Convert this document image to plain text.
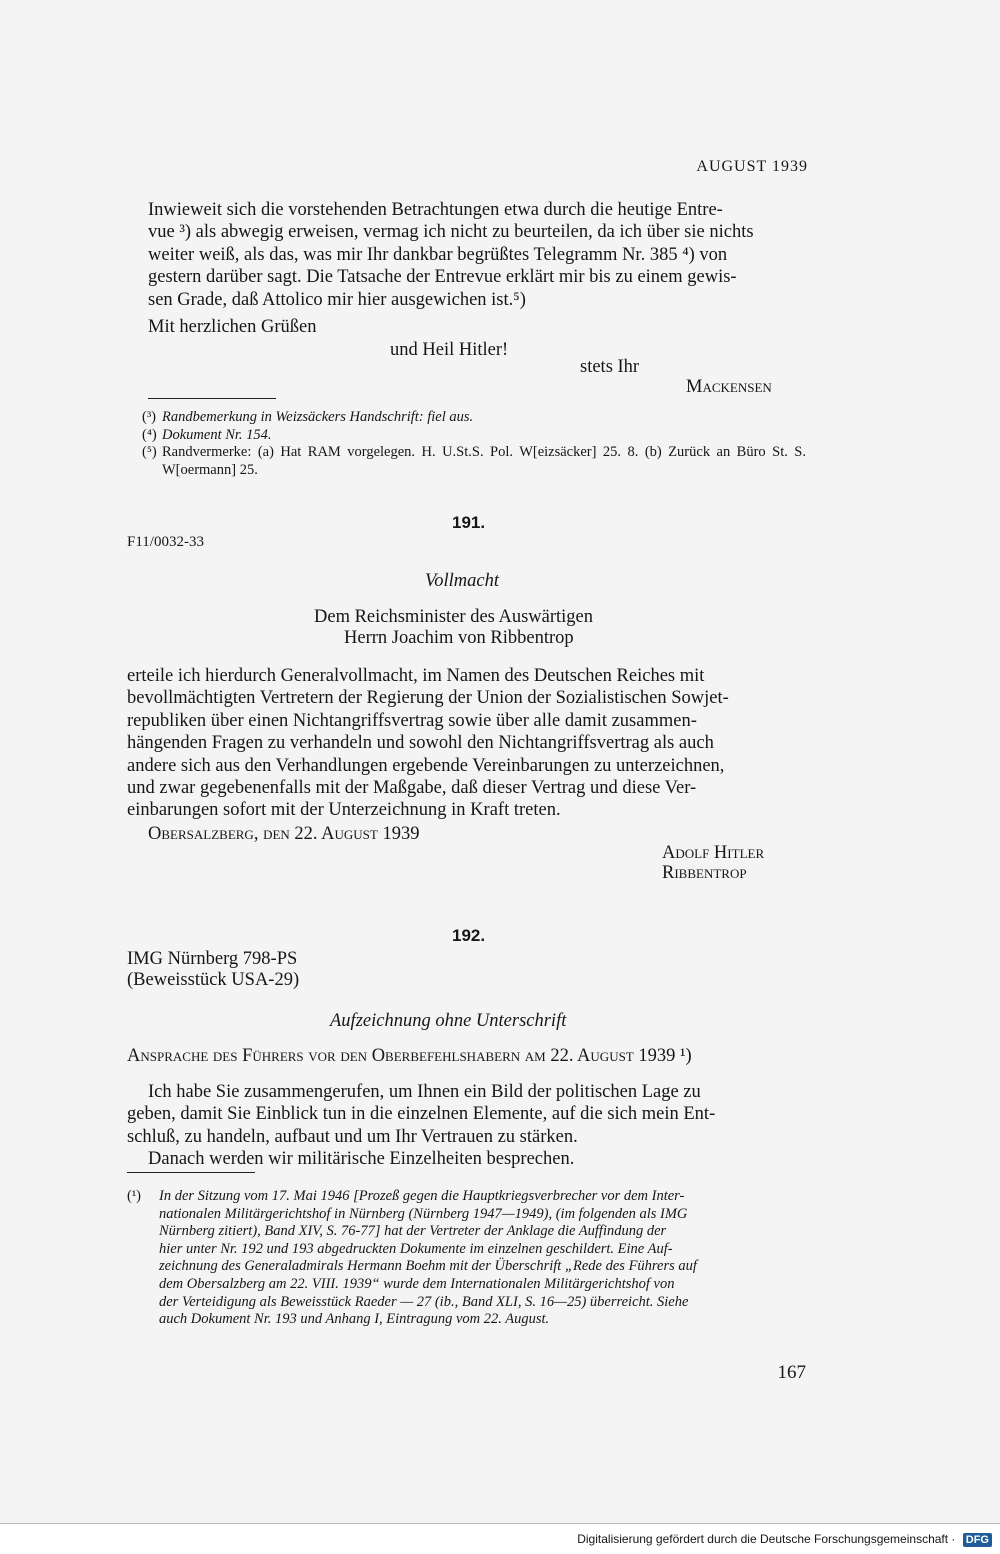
AUGUST 1939
Inwieweit sich die vorstehenden Betrachtungen etwa durch die heutige Entre-
vue ³) als abwegig erweisen, vermag ich nicht zu beurteilen, da ich über sie nichts
weiter weiß, als das, was mir Ihr dankbar begrüßtes Telegramm Nr. 385 ⁴) von
gestern darüber sagt. Die Tatsache der Entrevue erklärt mir bis zu einem gewis-
sen Grade, daß Attolico mir hier ausgewichen ist.⁵)
Mit herzlichen Grüßen
und Heil Hitler!
stets Ihr
Mackensen
(³) Randbemerkung in Weizsäckers Handschrift: fiel aus.
(⁴) Dokument Nr. 154.
(⁵) Randvermerke: (a) Hat RAM vorgelegen. H. U.St.S. Pol. W[eizsäcker] 25. 8. (b) Zurück an Büro St. S. W[oermann] 25.
191.
F11/0032-33
Vollmacht
Dem Reichsminister des Auswärtigen
Herrn Joachim von Ribbentrop
erteile ich hierdurch Generalvollmacht, im Namen des Deutschen Reiches mit
bevollmächtigten Vertretern der Regierung der Union der Sozialistischen Sowjet-
republiken über einen Nichtangriffsvertrag sowie über alle damit zusammen-
hängenden Fragen zu verhandeln und sowohl den Nichtangriffsvertrag als auch
andere sich aus den Verhandlungen ergebende Vereinbarungen zu unterzeichnen,
und zwar gegebenenfalls mit der Maßgabe, daß dieser Vertrag und diese Ver-
einbarungen sofort mit der Unterzeichnung in Kraft treten.
Obersalzberg, den 22. August 1939
Adolf Hitler
Ribbentrop
192.
IMG Nürnberg 798-PS
(Beweisstück USA-29)
Aufzeichnung ohne Unterschrift
Ansprache des Führers vor den Oberbefehlshabern am 22. August 1939 ¹)
Ich habe Sie zusammengerufen, um Ihnen ein Bild der politischen Lage zu
geben, damit Sie Einblick tun in die einzelnen Elemente, auf die sich mein Ent-
schluß, zu handeln, aufbaut und um Ihr Vertrauen zu stärken.
Danach werden wir militärische Einzelheiten besprechen.
(¹)	In der Sitzung vom 17. Mai 1946 [Prozeß gegen die Hauptkriegsverbrecher vor dem Inter-
nationalen Militärgerichtshof in Nürnberg (Nürnberg 1947—1949), (im folgenden als IMG
Nürnberg zitiert), Band XIV, S. 76-77] hat der Vertreter der Anklage die Auffindung der
hier unter Nr. 192 und 193 abgedruckten Dokumente im einzelnen geschildert. Eine Auf-
zeichnung des Generaladmirals Hermann Boehm mit der Überschrift „Rede des Führers auf
dem Obersalzberg am 22. VIII. 1939“ wurde dem Internationalen Militärgerichtshof von
der Verteidigung als Beweisstück Raeder — 27 (ib., Band XLI, S. 16—25) überreicht. Siehe
auch Dokument Nr. 193 und Anhang I, Eintragung vom 22. August.
167
Digitalisierung gefördert durch die Deutsche Forschungsgemeinschaft · DFG
